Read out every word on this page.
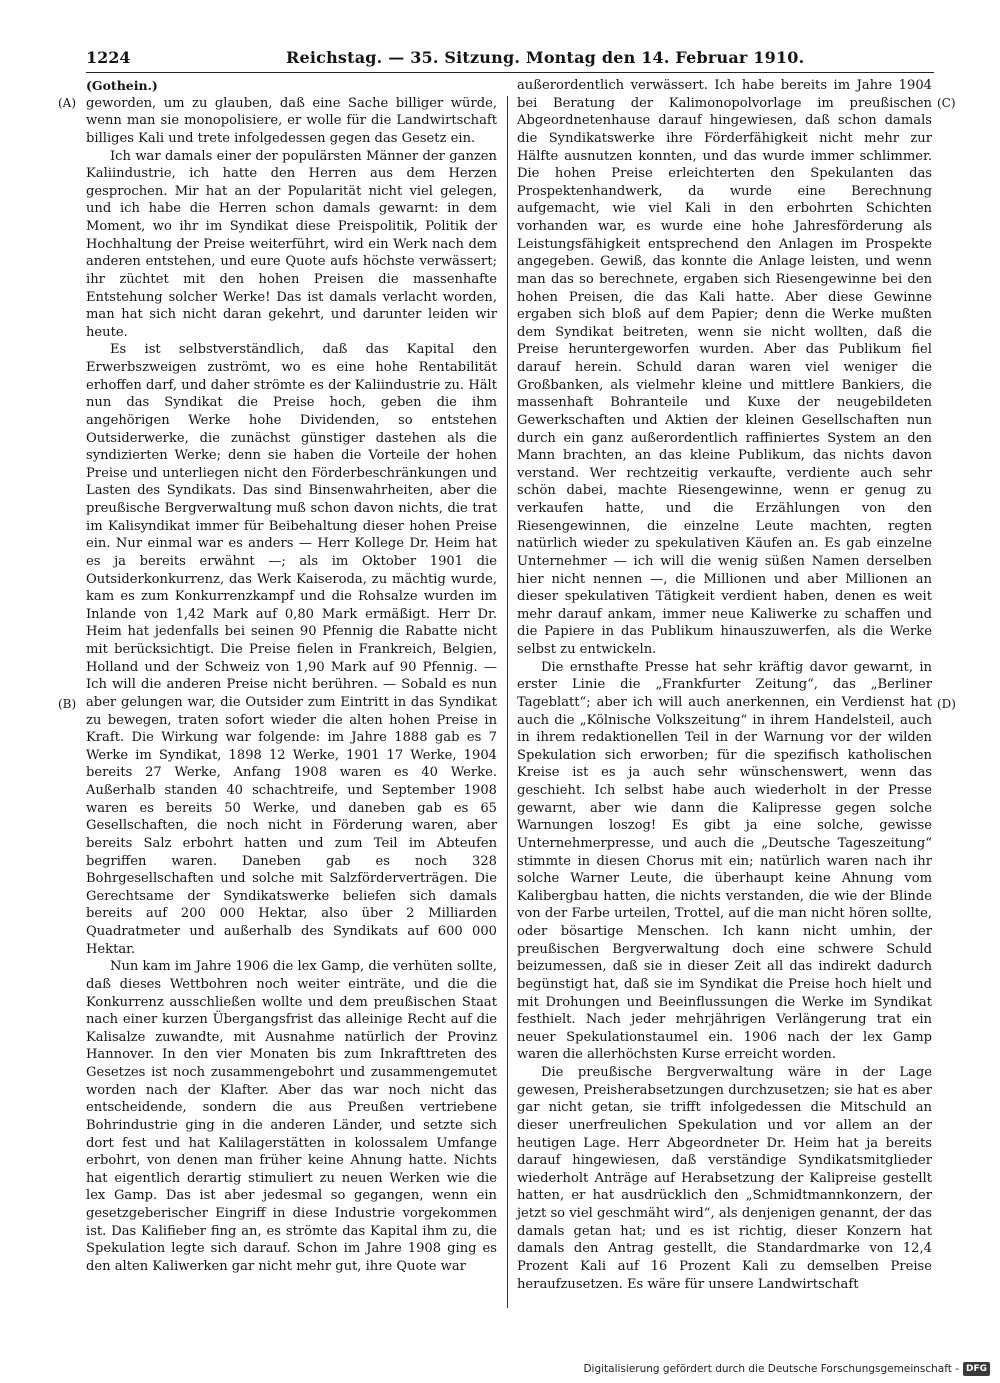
1224	Reichstag. — 35. Sitzung. Montag den 14. Februar 1910.
(A)
(B)
(C)
(D)

(Gothein.)

geworden, um zu glauben, daß eine Sache billiger würde, wenn man sie monopolisiere, er wolle für die Landwirtschaft billiges Kali und trete infolgedessen gegen das Gesetz ein.

Ich war damals einer der populärsten Männer der ganzen Kaliindustrie, ich hatte den Herren aus dem Herzen gesprochen. Mir hat an der Popularität nicht viel gelegen, und ich habe die Herren schon damals gewarnt: in dem Moment, wo ihr im Syndikat diese Preispolitik, Politik der Hochhaltung der Preise weiterführt, wird ein Werk nach dem anderen entstehen, und eure Quote aufs höchste verwässert; ihr züchtet mit den hohen Preisen die massenhafte Entstehung solcher Werke! Das ist damals verlacht worden, man hat sich nicht daran gekehrt, und darunter leiden wir heute.

Es ist selbstverständlich, daß das Kapital den Erwerbszweigen zuströmt, wo es eine hohe Rentabilität erhoffen darf, und daher strömte es der Kaliindustrie zu. Hält nun das Syndikat die Preise hoch, geben die ihm angehörigen Werke hohe Dividenden, so entstehen Outsiderwerke, die zunächst günstiger dastehen als die syndizierten Werke; denn sie haben die Vorteile der hohen Preise und unterliegen nicht den Förderbeschränkungen und Lasten des Syndikats. Das sind Binsenwahrheiten, aber die preußische Bergverwaltung muß schon davon nichts, die trat im Kalisyndikat immer für Beibehaltung dieser hohen Preise ein. Nur einmal war es anders — Herr Kollege Dr. Heim hat es ja bereits erwähnt —; als im Oktober 1901 die Outsiderkonkurrenz, das Werk Kaiseroda, zu mächtig wurde, kam es zum Konkurrenzkampf und die Rohsalze wurden im Inlande von 1,42 Mark auf 0,80 Mark ermäßigt. Herr Dr. Heim hat jedenfalls bei seinen 90 Pfennig die Rabatte nicht mit berücksichtigt. Die Preise fielen in Frankreich, Belgien, Holland und der Schweiz von 1,90 Mark auf 90 Pfennig. — Ich will die anderen Preise nicht berühren. — Sobald es nun aber gelungen war, die Outsider zum Eintritt in das Syndikat zu bewegen, traten sofort wieder die alten hohen Preise in Kraft. Die Wirkung war folgende: im Jahre 1888 gab es 7 Werke im Syndikat, 1898 12 Werke, 1901 17 Werke, 1904 bereits 27 Werke, Anfang 1908 waren es 40 Werke. Außerhalb standen 40 schachtreife, und September 1908 waren es bereits 50 Werke, und daneben gab es 65 Gesellschaften, die noch nicht in Förderung waren, aber bereits Salz erbohrt hatten und zum Teil im Abteufen begriffen waren. Daneben gab es noch 328 Bohrgesellschaften und solche mit Salzförderverträgen. Die Gerechtsame der Syndikatswerke beliefen sich damals bereits auf 200 000 Hektar, also über 2 Milliarden Quadratmeter und außerhalb des Syndikats auf 600 000 Hektar.

Nun kam im Jahre 1906 die lex Gamp, die verhüten sollte, daß dieses Wettbohren noch weiter einträte, und die die Konkurrenz ausschließen wollte und dem preußischen Staat nach einer kurzen Übergangsfrist das alleinige Recht auf die Kalisalze zuwandte, mit Ausnahme natürlich der Provinz Hannover. In den vier Monaten bis zum Inkrafttreten des Gesetzes ist noch zusammengebohrt und zusammengemutet worden nach der Klafter. Aber das war noch nicht das entscheidende, sondern die aus Preußen vertriebene Bohrindustrie ging in die anderen Länder, und setzte sich dort fest und hat Kalilagerstätten in kolossalem Umfange erbohrt, von denen man früher keine Ahnung hatte. Nichts hat eigentlich derartig stimuliert zu neuen Werken wie die lex Gamp. Das ist aber jedesmal so gegangen, wenn ein gesetzgeberischer Eingriff in diese Industrie vorgekommen ist. Das Kalifieber fing an, es strömte das Kapital ihm zu, die Spekulation legte sich darauf. Schon im Jahre 1908 ging es den alten Kaliwerken gar nicht mehr gut, ihre Quote war

außerordentlich verwässert. Ich habe bereits im Jahre 1904 bei Beratung der Kalimonopolvorlage im preußischen Abgeordnetenhause darauf hingewiesen, daß schon damals die Syndikatswerke ihre Förderfähigkeit nicht mehr zur Hälfte ausnutzen konnten, und das wurde immer schlimmer. Die hohen Preise erleichterten den Spekulanten das Prospektenhandwerk, da wurde eine Berechnung aufgemacht, wie viel Kali in den erbohrten Schichten vorhanden war, es wurde eine hohe Jahresförderung als Leistungsfähigkeit entsprechend den Anlagen im Prospekte angegeben. Gewiß, das konnte die Anlage leisten, und wenn man das so berechnete, ergaben sich Riesengewinne bei den hohen Preisen, die das Kali hatte. Aber diese Gewinne ergaben sich bloß auf dem Papier; denn die Werke mußten dem Syndikat beitreten, wenn sie nicht wollten, daß die Preise heruntergeworfen wurden. Aber das Publikum fiel darauf herein. Schuld daran waren viel weniger die Großbanken, als vielmehr kleine und mittlere Bankiers, die massenhaft Bohranteile und Kuxe der neugebildeten Gewerkschaften und Aktien der kleinen Gesellschaften nun durch ein ganz außerordentlich raffiniertes System an den Mann brachten, an das kleine Publikum, das nichts davon verstand. Wer rechtzeitig verkaufte, verdiente auch sehr schön dabei, machte Riesengewinne, wenn er genug zu verkaufen hatte, und die Erzählungen von den Riesengewinnen, die einzelne Leute machten, regten natürlich wieder zu spekulativen Käufen an. Es gab einzelne Unternehmer — ich will die wenig süßen Namen derselben hier nicht nennen —, die Millionen und aber Millionen an dieser spekulativen Tätigkeit verdient haben, denen es weit mehr darauf ankam, immer neue Kaliwerke zu schaffen und die Papiere in das Publikum hinauszuwerfen, als die Werke selbst zu entwickeln.

Die ernsthafte Presse hat sehr kräftig davor gewarnt, in erster Linie die „Frankfurter Zeitung“, das „Berliner Tageblatt“; aber ich will auch anerkennen, ein Verdienst hat auch die „Kölnische Volkszeitung“ in ihrem Handelsteil, auch in ihrem redaktionellen Teil in der Warnung vor der wilden Spekulation sich erworben; für die spezifisch katholischen Kreise ist es ja auch sehr wünschenswert, wenn das geschieht. Ich selbst habe auch wiederholt in der Presse gewarnt, aber wie dann die Kalipresse gegen solche Warnungen loszog! Es gibt ja eine solche, gewisse Unternehmerpresse, und auch die „Deutsche Tageszeitung“ stimmte in diesen Chorus mit ein; natürlich waren nach ihr solche Warner Leute, die überhaupt keine Ahnung vom Kalibergbau hatten, die nichts verstanden, die wie der Blinde von der Farbe urteilen, Trottel, auf die man nicht hören sollte, oder bösartige Menschen. Ich kann nicht umhin, der preußischen Bergverwaltung doch eine schwere Schuld beizumessen, daß sie in dieser Zeit all das indirekt dadurch begünstigt hat, daß sie im Syndikat die Preise hoch hielt und mit Drohungen und Beeinflussungen die Werke im Syndikat festhielt. Nach jeder mehrjährigen Verlängerung trat ein neuer Spekulationstaumel ein. 1906 nach der lex Gamp waren die allerhöchsten Kurse erreicht worden.

Die preußische Bergverwaltung wäre in der Lage gewesen, Preisherabsetzungen durchzusetzen; sie hat es aber gar nicht getan, sie trifft infolgedessen die Mitschuld an dieser unerfreulichen Spekulation und vor allem an der heutigen Lage. Herr Abgeordneter Dr. Heim hat ja bereits darauf hingewiesen, daß verständige Syndikatsmitglieder wiederholt Anträge auf Herabsetzung der Kalipreise gestellt hatten, er hat ausdrücklich den „Schmidtmannkonzern, der jetzt so viel geschmäht wird“, als denjenigen genannt, der das damals getan hat; und es ist richtig, dieser Konzern hat damals den Antrag gestellt, die Standardmarke von 12,4 Prozent Kali auf 16 Prozent Kali zu demselben Preise heraufzusetzen. Es wäre für unsere Landwirtschaft

Digitalisierung gefördert durch die Deutsche Forschungsgemeinschaft - DFG
